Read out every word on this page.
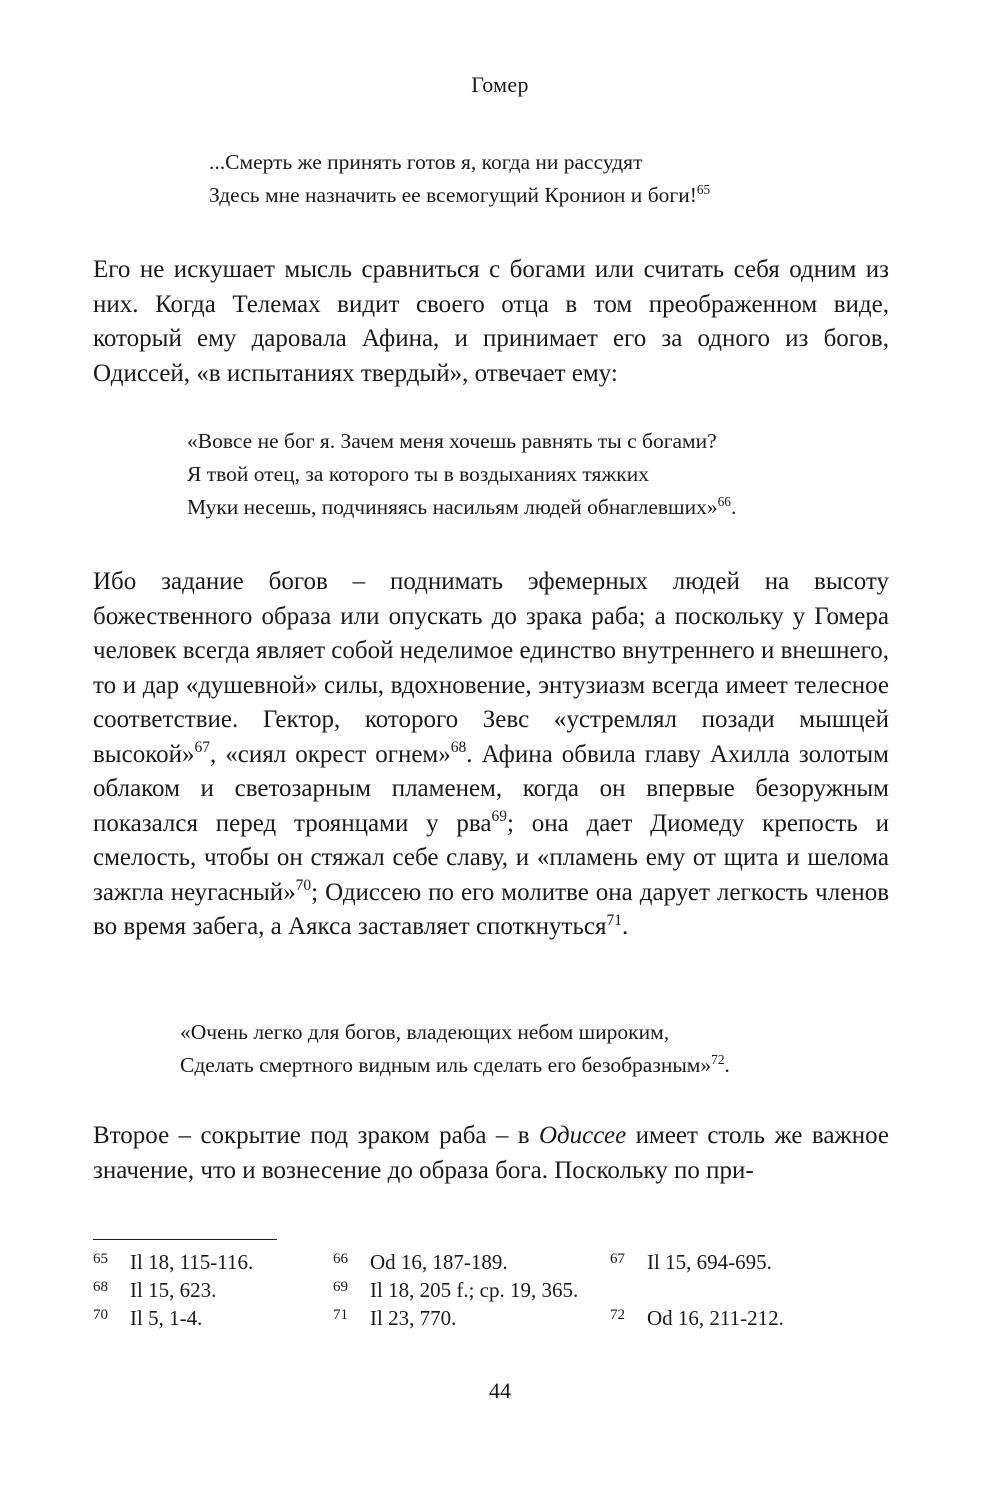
Гомер
...Смерть же принять готов я, когда ни рассудят
Здесь мне назначить ее всемогущий Кронион и боги!$^{65}$

Его не искушает мысль сравниться с богами или считать себя одним из них. Когда Телемах видит своего отца в том преображенном виде, который ему даровала Афина, и принимает его за одного из богов, Одиссей, «в испытаниях твердый», отвечает ему:

«Вовсе не бог я. Зачем меня хочешь равнять ты с богами?
Я твой отец, за которого ты в воздыханиях тяжких
Муки несешь, подчиняясь насильям людей обнаглевших»$^{66}$.

Ибо задание богов – поднимать эфемерных людей на высоту божественного образа или опускать до зрака раба; а поскольку у Гомера человек всегда являет собой неделимое единство внутреннего и внешнего, то и дар «душевной» силы, вдохновение, энтузиазм всегда имеет телесное соответствие. Гектор, которого Зевс «устремлял позади мышцей высокой»$^{67}$, «сиял окрест огнем»$^{68}$. Афина обвила главу Ахилла золотым облаком и светозарным пламенем, когда он впервые безоружным показался перед троянцами у рва$^{69}$; она дает Диомеду крепость и смелость, чтобы он стяжал себе славу, и «пламень ему от щита и шелома зажгла неугасный»$^{70}$; Одиссею по его молитве она дарует легкость членов во время забега, а Аякса заставляет споткнуться$^{71}$.

«Очень легко для богов, владеющих небом широким,
Сделать смертного видным иль сделать его безобразным»$^{72}$.

Второе – сокрытие под зраком раба – в Одиссее имеет столь же важное значение, что и вознесение до образа бога. Поскольку по при-

$^{65}$ Il 18, 115-116.	$^{66}$ Od 16, 187-189.	$^{67}$ Il 15, 694-695.
$^{68}$ Il 15, 623.	$^{69}$ Il 18, 205 f.; ср. 19, 365.
$^{70}$ Il 5, 1-4.	$^{71}$ Il 23, 770.	$^{72}$ Od 16, 211-212.
44
